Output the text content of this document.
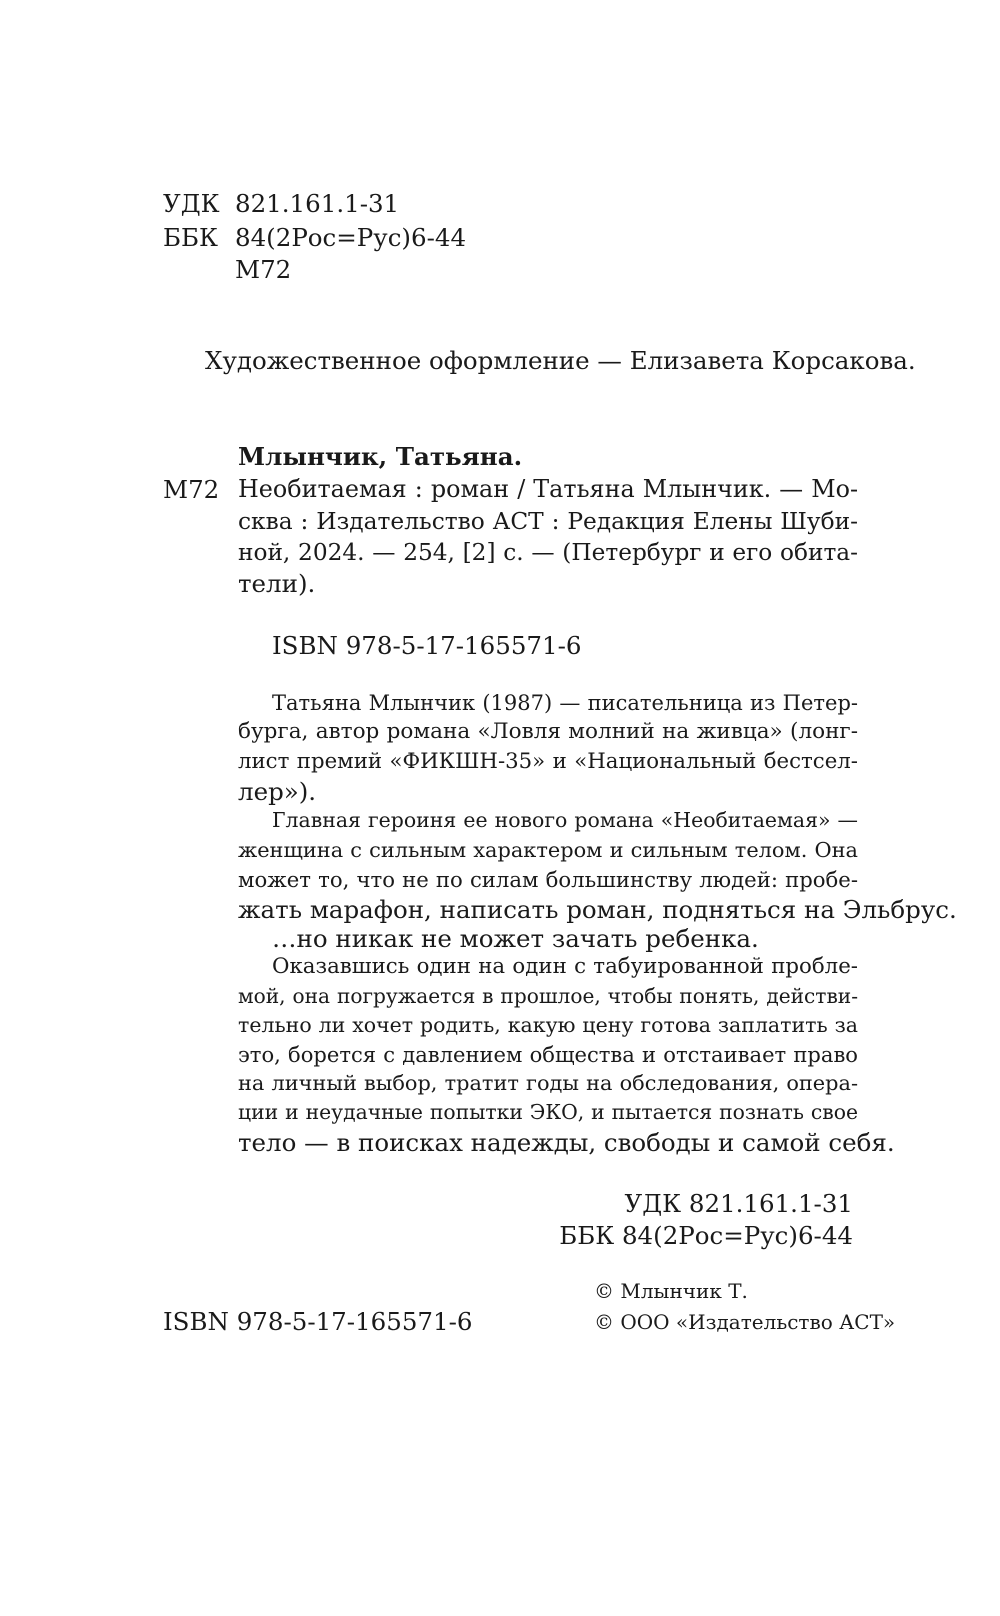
УДК 821.161.1-31
ББК 84(2Рос=Рус)6-44
М72
Художественное оформление — Елизавета Корсакова.
Млынчик, Татьяна.
М72 Необитаемая : роман / Татьяна Млынчик. — Мо-
сква : Издательство АСТ : Редакция Елены Шуби-
ной, 2024. — 254, [2] с. — (Петербург и его обита-
тели).
ISBN 978-5-17-165571-6
Татьяна Млынчик (1987) — писательница из Петер-
бурга, автор романа «Ловля молний на живца» (лонг-
лист премий «ФИКШН-35» и «Национальный бестсел-
лер»).
Главная героиня ее нового романа «Необитаемая» —
женщина с сильным характером и сильным телом. Она
может то, что не по силам большинству людей: пробе-
жать марафон, написать роман, подняться на Эльбрус.
…но никак не может зачать ребенка.
Оказавшись один на один с табуированной пробле-
мой, она погружается в прошлое, чтобы понять, действи-
тельно ли хочет родить, какую цену готова заплатить за
это, борется с давлением общества и отстаивает право
на личный выбор, тратит годы на обследования, опера-
ции и неудачные попытки ЭКО, и пытается познать свое
тело — в поисках надежды, свободы и самой себя.
УДК 821.161.1-31
ББК 84(2Рос=Рус)6-44
© Млынчик Т.
ISBN 978-5-17-165571-6	© ООО «Издательство АСТ»
